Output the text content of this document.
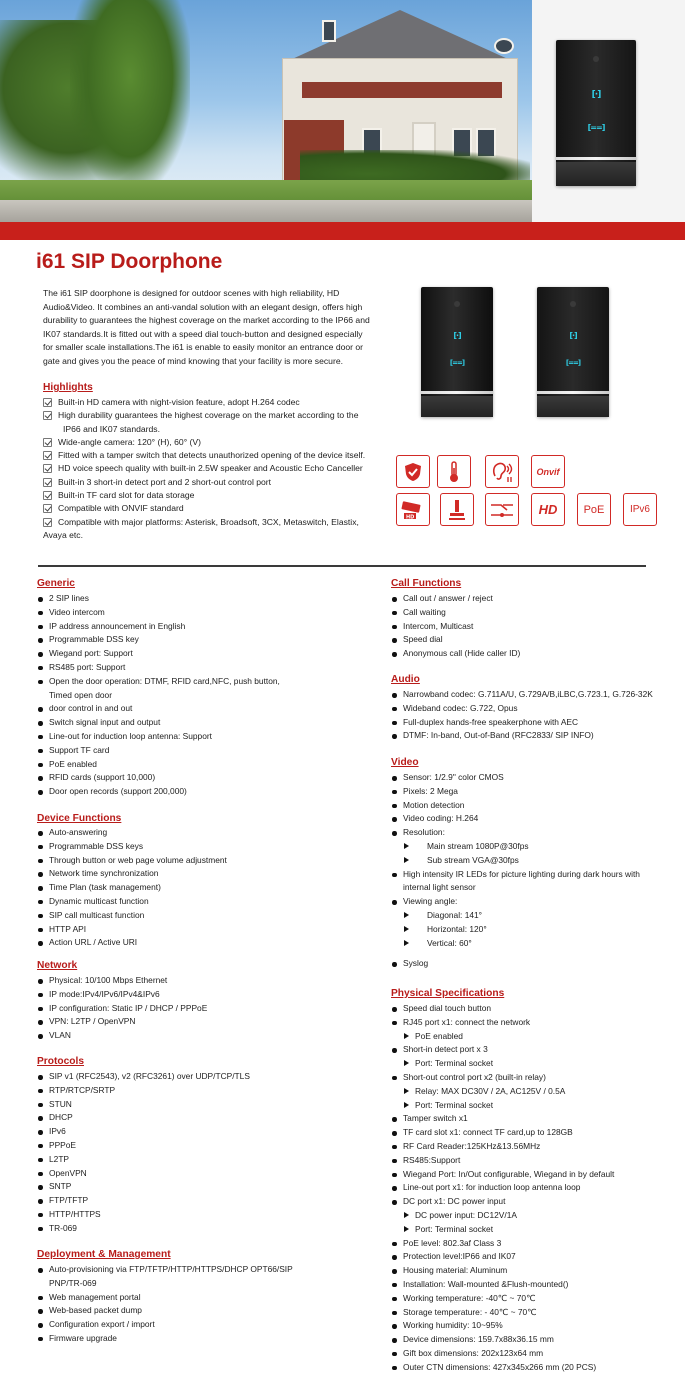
[·]
[==]
i61 SIP Doorphone

The i61 SIP doorphone is designed for outdoor scenes with high reliability, HD Audio&Video. It combines an anti-vandal solution with an elegant design, offers high durability to guarantees the highest coverage on the market according to the IP66 and IK07 standards.It is fitted out with a speed dial touch-button and designed especially for smaller scale installations.The i61 is enable to easily monitor an entrance door or gate and gives you the peace of mind knowing that your facility is more secure.

Highlights
Built-in HD camera with night-vision feature, adopt H.264 codec
High durability guarantees the highest coverage on the market according to the
IP66 and IK07 standards.
Wide-angle camera: 120° (H), 60° (V)
Fitted with a tamper switch that detects unauthorized opening of the device itself.
HD voice speech quality with built-in 2.5W speaker and Acoustic Echo Canceller
Built-in 3 short-in detect port and 2 short-out control port
Built-in TF card slot for data storage
Compatible with ONVIF standard
Compatible with major platforms: Asterisk, Broadsoft, 3CX, Metaswitch, Elastix,
Avaya etc.
[·]
[==]
[·]
[==]
Onvif
HD	HD PoE	IPv6
Generic
2 SIP lines
Video intercom
IP address announcement in English
Programmable DSS key
Wiegand port: Support
RS485 port: Support
Open the door operation: DTMF, RFID card,NFC, push button,
Timed open door
door control in and out
Switch signal input and output
Line-out for induction loop antenna: Support
Support TF card
PoE enabled
RFID cards (support 10,000)
Door open records (support 200,000)
Device Functions
Auto-answering
Programmable DSS keys
Through button or web page volume adjustment
Network time synchronization
Time Plan (task management)
Dynamic multicast function
SIP call multicast function
HTTP API
Action URL / Active URI
Network
Physical: 10/100 Mbps Ethernet
IP mode:IPv4/IPv6/IPv4&IPv6
IP configuration: Static IP / DHCP / PPPoE
VPN: L2TP / OpenVPN
VLAN
Protocols
SIP v1 (RFC2543), v2 (RFC3261) over UDP/TCP/TLS
RTP/RTCP/SRTP
STUN
DHCP
IPv6
PPPoE
L2TP
OpenVPN
SNTP
FTP/TFTP
HTTP/HTTPS
TR-069
Deployment & Management
Auto-provisioning via FTP/TFTP/HTTP/HTTPS/DHCP OPT66/SIP
PNP/TR-069
Web management portal
Web-based packet dump
Configuration export / import
Firmware upgrade
Call Functions
Call out / answer / reject
Call waiting
Intercom, Multicast
Speed dial
Anonymous call (Hide caller ID)
Audio
Narrowband codec: G.711A/U, G.729A/B,iLBC,G.723.1, G.726-32K
Wideband codec: G.722, Opus
Full-duplex hands-free speakerphone with AEC
DTMF: In-band, Out-of-Band (RFC2833/ SIP INFO)
Video
Sensor: 1/2.9" color CMOS
Pixels: 2 Mega
Motion detection
Video coding: H.264
Resolution:
Main stream 1080P@30fps
Sub stream VGA@30fps
High intensity IR LEDs for picture lighting during dark hours with
internal light sensor
Viewing angle:
Diagonal: 141°
Horizontal: 120°
Vertical: 60°
Syslog
Physical Specifications
Speed dial touch button
RJ45 port x1: connect the network
PoE enabled
Short-in detect port x 3
Port: Terminal socket
Short-out control port x2 (built-in relay)
Relay: MAX DC30V / 2A, AC125V / 0.5A
Port: Terminal socket
Tamper switch x1
TF card slot x1: connect TF card,up to 128GB
RF Card Reader:125KHz&13.56MHz
RS485:Support
Wiegand Port: In/Out configurable, Wiegand in by default
Line-out port x1: for induction loop antenna loop
DC port x1: DC power input
DC power input: DC12V/1A
Port: Terminal socket
PoE level: 802.3af Class 3
Protection level:IP66 and IK07
Housing material: Aluminum
Installation: Wall-mounted &Flush-mounted()
Working temperature: -40℃ ~ 70℃
Storage temperature: - 40℃ ~ 70℃
Working humidity: 10~95%
Device dimensions: 159.7x88x36.15 mm
Gift box dimensions: 202x123x64 mm
Outer CTN dimensions: 427x345x266 mm (20 PCS)
